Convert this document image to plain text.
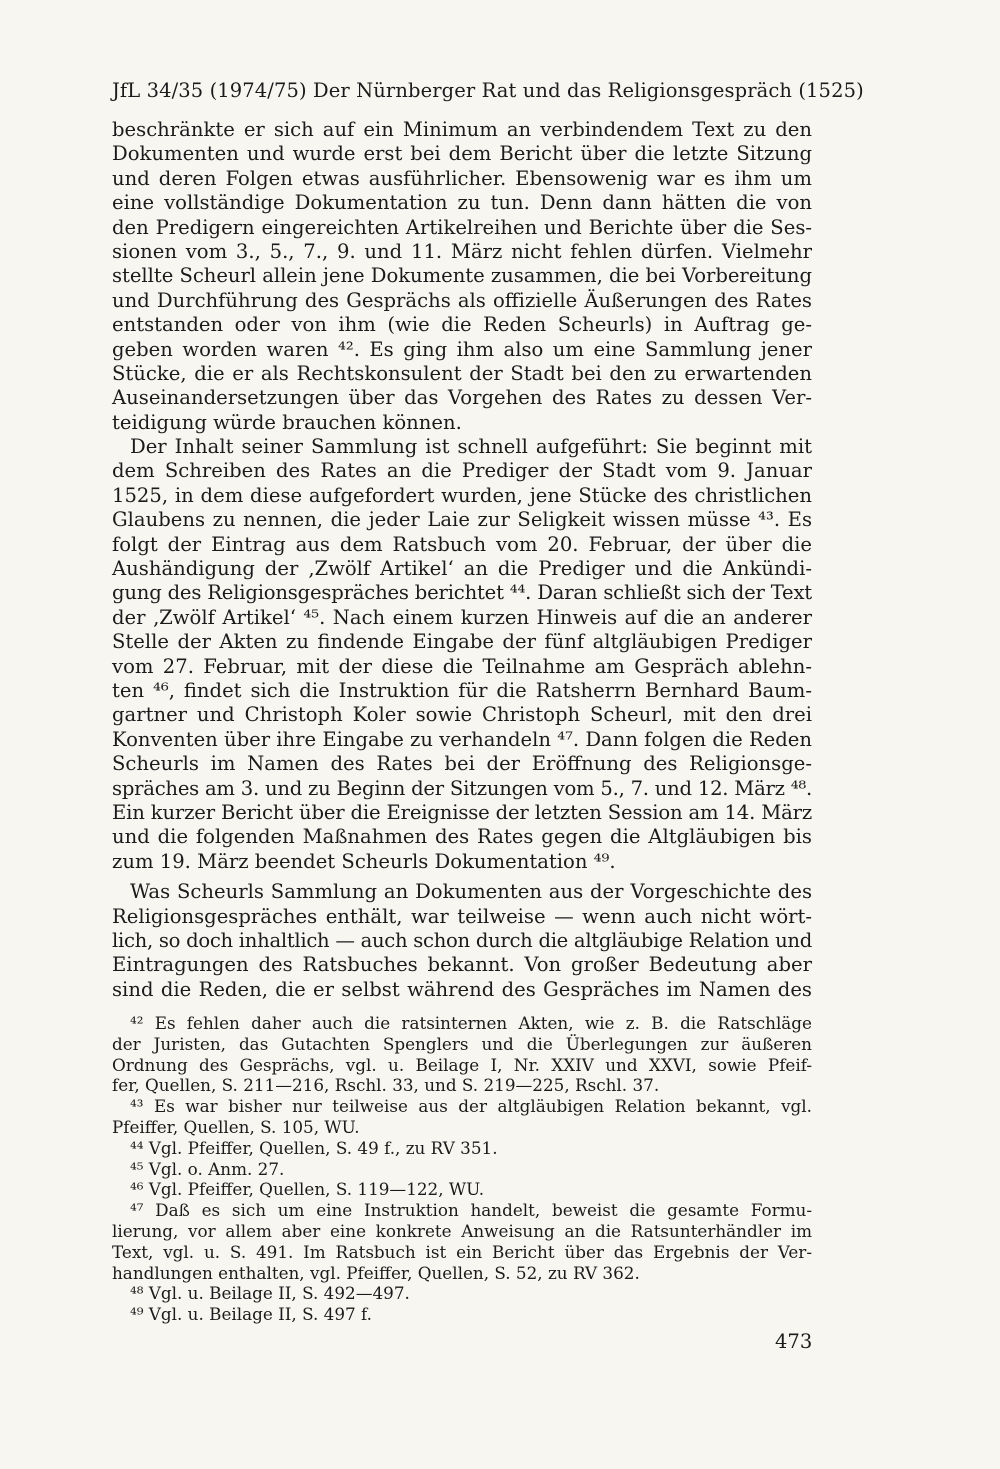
JfL 34/35 (1974/75) Der Nürnberger Rat und das Religionsgespräch (1525)
beschränkte er sich auf ein Minimum an verbindendem Text zu den
Dokumenten und wurde erst bei dem Bericht über die letzte Sitzung
und deren Folgen etwas ausführlicher. Ebensowenig war es ihm um
eine vollständige Dokumentation zu tun. Denn dann hätten die von
den Predigern eingereichten Artikelreihen und Berichte über die Ses-
sionen vom 3., 5., 7., 9. und 11. März nicht fehlen dürfen. Vielmehr
stellte Scheurl allein jene Dokumente zusammen, die bei Vorbereitung
und Durchführung des Gesprächs als offizielle Äußerungen des Rates
entstanden oder von ihm (wie die Reden Scheurls) in Auftrag ge-
geben worden waren ⁴². Es ging ihm also um eine Sammlung jener
Stücke, die er als Rechtskonsulent der Stadt bei den zu erwartenden
Auseinandersetzungen über das Vorgehen des Rates zu dessen Ver-
teidigung würde brauchen können.
Der Inhalt seiner Sammlung ist schnell aufgeführt: Sie beginnt mit
dem Schreiben des Rates an die Prediger der Stadt vom 9. Januar
1525, in dem diese aufgefordert wurden, jene Stücke des christlichen
Glaubens zu nennen, die jeder Laie zur Seligkeit wissen müsse ⁴³. Es
folgt der Eintrag aus dem Ratsbuch vom 20. Februar, der über die
Aushändigung der ‚Zwölf Artikel‘ an die Prediger und die Ankündi-
gung des Religionsgespräches berichtet ⁴⁴. Daran schließt sich der Text
der ‚Zwölf Artikel‘ ⁴⁵. Nach einem kurzen Hinweis auf die an anderer
Stelle der Akten zu findende Eingabe der fünf altgläubigen Prediger
vom 27. Februar, mit der diese die Teilnahme am Gespräch ablehn-
ten ⁴⁶, findet sich die Instruktion für die Ratsherrn Bernhard Baum-
gartner und Christoph Koler sowie Christoph Scheurl, mit den drei
Konventen über ihre Eingabe zu verhandeln ⁴⁷. Dann folgen die Reden
Scheurls im Namen des Rates bei der Eröffnung des Religionsge-
spräches am 3. und zu Beginn der Sitzungen vom 5., 7. und 12. März ⁴⁸.
Ein kurzer Bericht über die Ereignisse der letzten Session am 14. März
und die folgenden Maßnahmen des Rates gegen die Altgläubigen bis
zum 19. März beendet Scheurls Dokumentation ⁴⁹.
Was Scheurls Sammlung an Dokumenten aus der Vorgeschichte des
Religionsgespräches enthält, war teilweise — wenn auch nicht wört-
lich, so doch inhaltlich — auch schon durch die altgläubige Relation und
Eintragungen des Ratsbuches bekannt. Von großer Bedeutung aber
sind die Reden, die er selbst während des Gespräches im Namen des
⁴² Es fehlen daher auch die ratsinternen Akten, wie z. B. die Ratschläge
der Juristen, das Gutachten Spenglers und die Überlegungen zur äußeren
Ordnung des Gesprächs, vgl. u. Beilage I, Nr. XXIV und XXVI, sowie Pfeif-
fer, Quellen, S. 211—216, Rschl. 33, und S. 219—225, Rschl. 37.
⁴³ Es war bisher nur teilweise aus der altgläubigen Relation bekannt, vgl.
Pfeiffer, Quellen, S. 105, WU.
⁴⁴ Vgl. Pfeiffer, Quellen, S. 49 f., zu RV 351.
⁴⁵ Vgl. o. Anm. 27.
⁴⁶ Vgl. Pfeiffer, Quellen, S. 119—122, WU.
⁴⁷ Daß es sich um eine Instruktion handelt, beweist die gesamte Formu-
lierung, vor allem aber eine konkrete Anweisung an die Ratsunterhändler im
Text, vgl. u. S. 491. Im Ratsbuch ist ein Bericht über das Ergebnis der Ver-
handlungen enthalten, vgl. Pfeiffer, Quellen, S. 52, zu RV 362.
⁴⁸ Vgl. u. Beilage II, S. 492—497.
⁴⁹ Vgl. u. Beilage II, S. 497 f.
473
